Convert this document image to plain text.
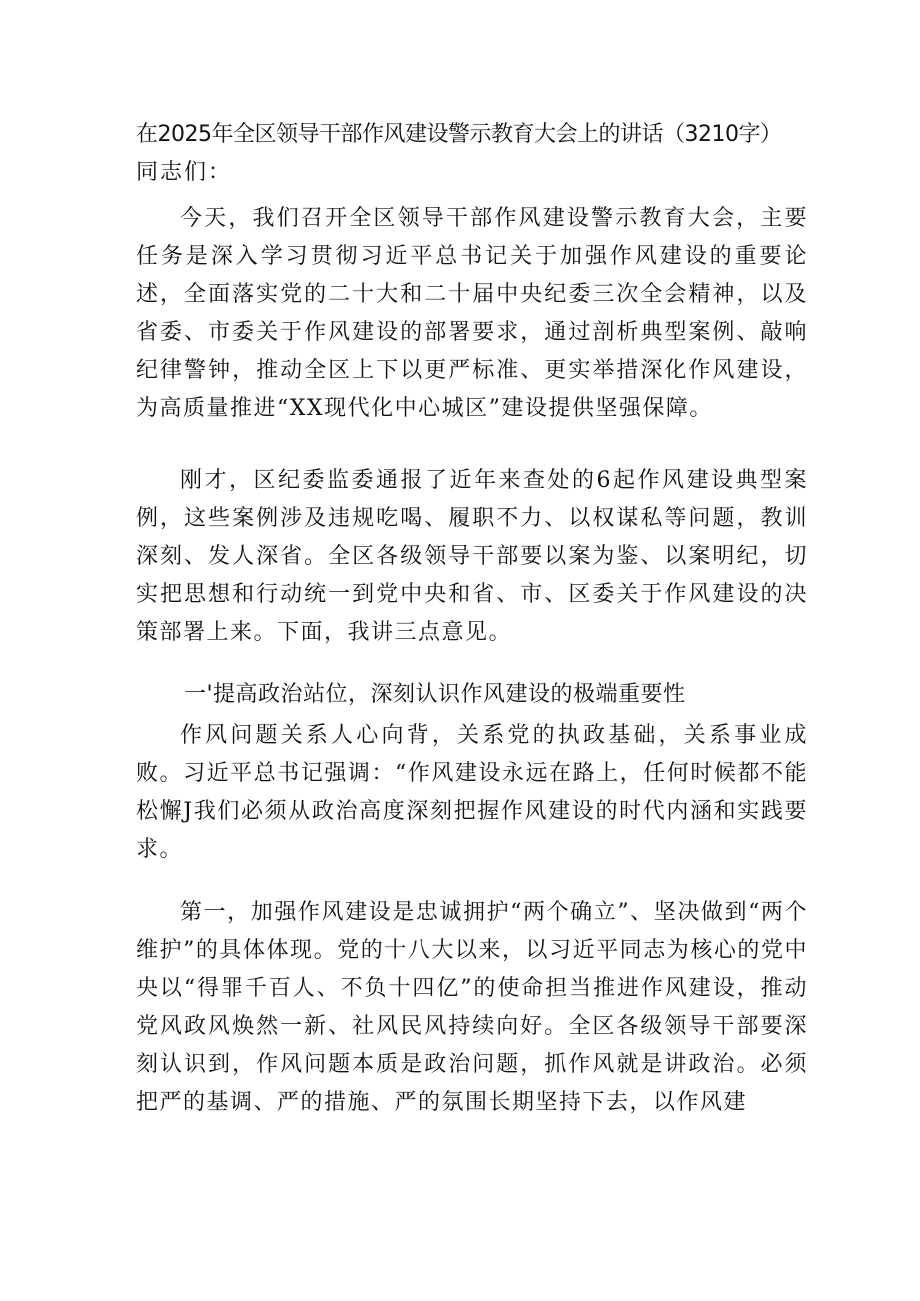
在2025年全区领导干部作风建设警示教育大会上的讲话（3210字）
同志们：
今天，我们召开全区领导干部作风建设警示教育大会，主要任务是深入学习贯彻习近平总书记关于加强作风建设的重要论述，全面落实党的二十大和二十届中央纪委三次全会精神，以及省委、市委关于作风建设的部署要求，通过剖析典型案例、敲响纪律警钟，推动全区上下以更严标准、更实举措深化作风建设，为高质量推进“XX现代化中心城区”建设提供坚强保障。
刚才，区纪委监委通报了近年来查处的6起作风建设典型案例，这些案例涉及违规吃喝、履职不力、以权谋私等问题，教训深刻、发人深省。全区各级领导干部要以案为鉴、以案明纪，切实把思想和行动统一到党中央和省、市、区委关于作风建设的决策部署上来。下面，我讲三点意见。
一'提高政治站位，深刻认识作风建设的极端重要性
作风问题关系人心向背，关系党的执政基础，关系事业成败。习近平总书记强调：“作风建设永远在路上，任何时候都不能松懈J我们必须从政治高度深刻把握作风建设的时代内涵和实践要求。
第一，加强作风建设是忠诚拥护“两个确立”、坚决做到“两个维护”的具体体现。党的十八大以来，以习近平同志为核心的党中央以“得罪千百人、不负十四亿”的使命担当推进作风建设，推动党风政风焕然一新、社风民风持续向好。全区各级领导干部要深刻认识到，作风问题本质是政治问题，抓作风就是讲政治。必须把严的基调、严的措施、严的氛围长期坚持下去，以作风建
